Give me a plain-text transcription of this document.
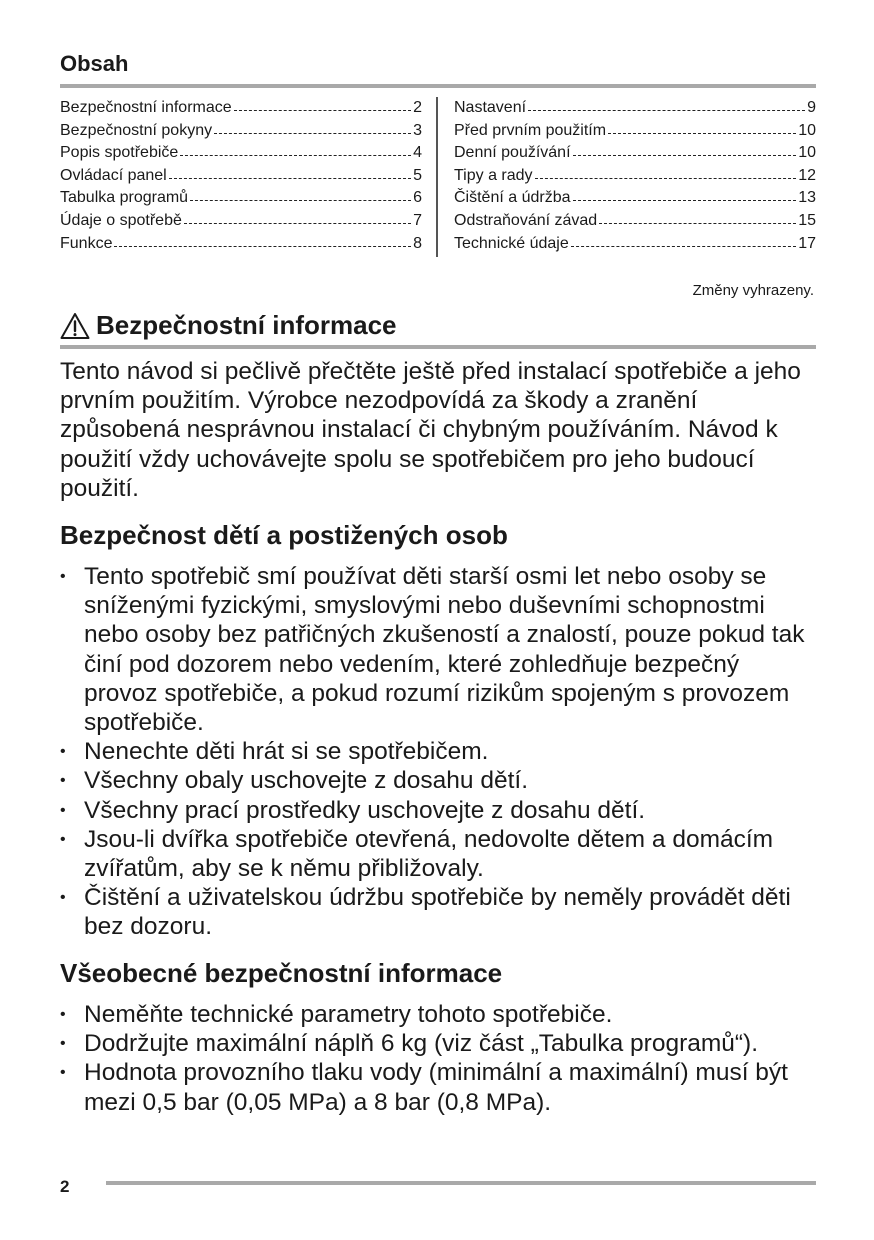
Obsah
Bezpečnostní informace	2
Bezpečnostní pokyny	3
Popis spotřebiče	4
Ovládací panel	5
Tabulka programů	6
Údaje o spotřebě	7
Funkce	8
Nastavení	9
Před prvním použitím	10
Denní používání	10
Tipy a rady	12
Čištění a údržba	13
Odstraňování závad	15
Technické údaje	17
Změny vyhrazeny.
Bezpečnostní informace

Tento návod si pečlivě přečtěte ještě před instalací spotřebiče a jeho prvním použitím. Výrobce nezodpovídá za škody a zranění způsobená nesprávnou instalací či chybným používáním. Návod k použití vždy uchovávejte spolu se spotřebičem pro jeho budoucí použití.

Bezpečnost dětí a postižených osob
• Tento spotřebič smí používat děti starší osmi let nebo osoby se sníženými fyzickými, smyslovými nebo duševními schopnostmi nebo osoby bez patřičných zkušeností a znalostí, pouze pokud tak činí pod dozorem nebo vedením, které zohledňuje bezpečný provoz spotřebiče, a pokud rozumí rizikům spojeným s provozem spotřebiče.
• Nenechte děti hrát si se spotřebičem.
• Všechny obaly uschovejte z dosahu dětí.
• Všechny prací prostředky uschovejte z dosahu dětí.
• Jsou-li dvířka spotřebiče otevřená, nedovolte dětem a domácím zvířatům, aby se k němu přibližovaly.
• Čištění a uživatelskou údržbu spotřebiče by neměly provádět děti bez dozoru.
Všeobecné bezpečnostní informace
• Neměňte technické parametry tohoto spotřebiče.
• Dodržujte maximální náplň 6 kg (viz část „Tabulka programů“).
• Hodnota provozního tlaku vody (minimální a maximální) musí být mezi 0,5 bar (0,05 MPa) a 8 bar (0,8 MPa).
2
